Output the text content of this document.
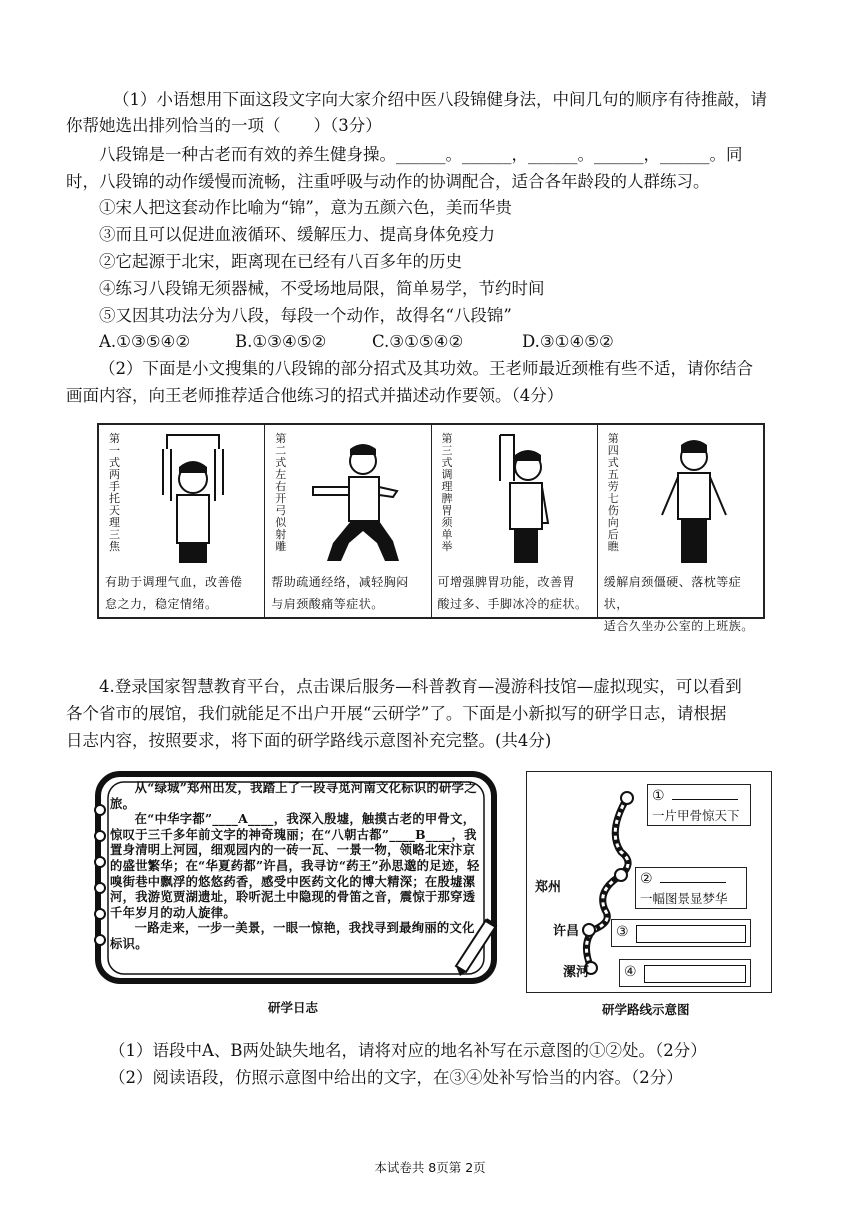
（1）小语想用下面这段文字向大家介绍中医八段锦健身法，中间几句的顺序有待推敲，请
你帮她选出排列恰当的一项（　　）（3分）
八段锦是一种古老而有效的养生健身操。______。______，______。______，______。同
时，八段锦的动作缓慢而流畅，注重呼吸与动作的协调配合，适合各年龄段的人群练习。
①宋人把这套动作比喻为“锦”，意为五颜六色，美而华贵
③而且可以促进血液循环、缓解压力、提高身体免疫力
②它起源于北宋，距离现在已经有八百多年的历史
④练习八段锦无须器械，不受场地局限，简单易学，节约时间
⑤又因其功法分为八段，每段一个动作，故得名“八段锦”
A.①③⑤④②	B.①③④⑤②	C.③①⑤④②	D.③①④⑤②
（2）下面是小文搜集的八段锦的部分招式及其功效。王老师最近颈椎有些不适，请你结合
画面内容，向王老师推荐适合他练习的招式并描述动作要领。（4分）
第一式 两手托天理三焦
有助于调理气血，改善倦
怠之力，稳定情绪。
第二式 左右开弓似射雕
帮助疏通经络，减轻胸闷
与肩颈酸痛等症状。
第三式 调理脾胃须单举
可增强脾胃功能，改善胃
酸过多、手脚冰冷的症状。
第四式 五劳七伤向后瞧
缓解肩颈僵硬、落枕等症状，
适合久坐办公室的上班族。
4.登录国家智慧教育平台，点击课后服务—科普教育—漫游科技馆—虚拟现实，可以看到
各个省市的展馆，我们就能足不出户开展“云研学”了。下面是小新拟写的研学日志，请根据
日志内容，按照要求，将下面的研学路线示意图补充完整。(共4分)

从“绿城”郑州出发，我踏上了一段寻觅河南文化标识的研学之旅。

在“中华字都”____A____，我深入殷墟，触摸古老的甲骨文，惊叹于三千多年前文字的神奇瑰丽；在“八朝古都”____B____，我置身清明上河园，细观园内的一砖一瓦、一景一物，领略北宋汴京的盛世繁华；在“华夏药都”许昌，我寻访“药王”孙思邈的足迹，轻嗅街巷中飘浮的悠悠药香，感受中医药文化的博大精深；在殷墟漯河，我游览贾湖遗址，聆听泥土中隐现的骨笛之音，震惊于那穿透千年岁月的动人旋律。

一路走来，一步一美景，一眼一惊艳，我找寻到最绚丽的文化标识。

研学日志
郑州
许昌
漯河
①
一片甲骨惊天下
②
一幅图景显梦华
③
④
研学路线示意图
（1）语段中A、B两处缺失地名，请将对应的地名补写在示意图的①②处。（2分）
（2）阅读语段，仿照示意图中给出的文字，在③④处补写恰当的内容。（2分）
本试卷共 8页第 2页
